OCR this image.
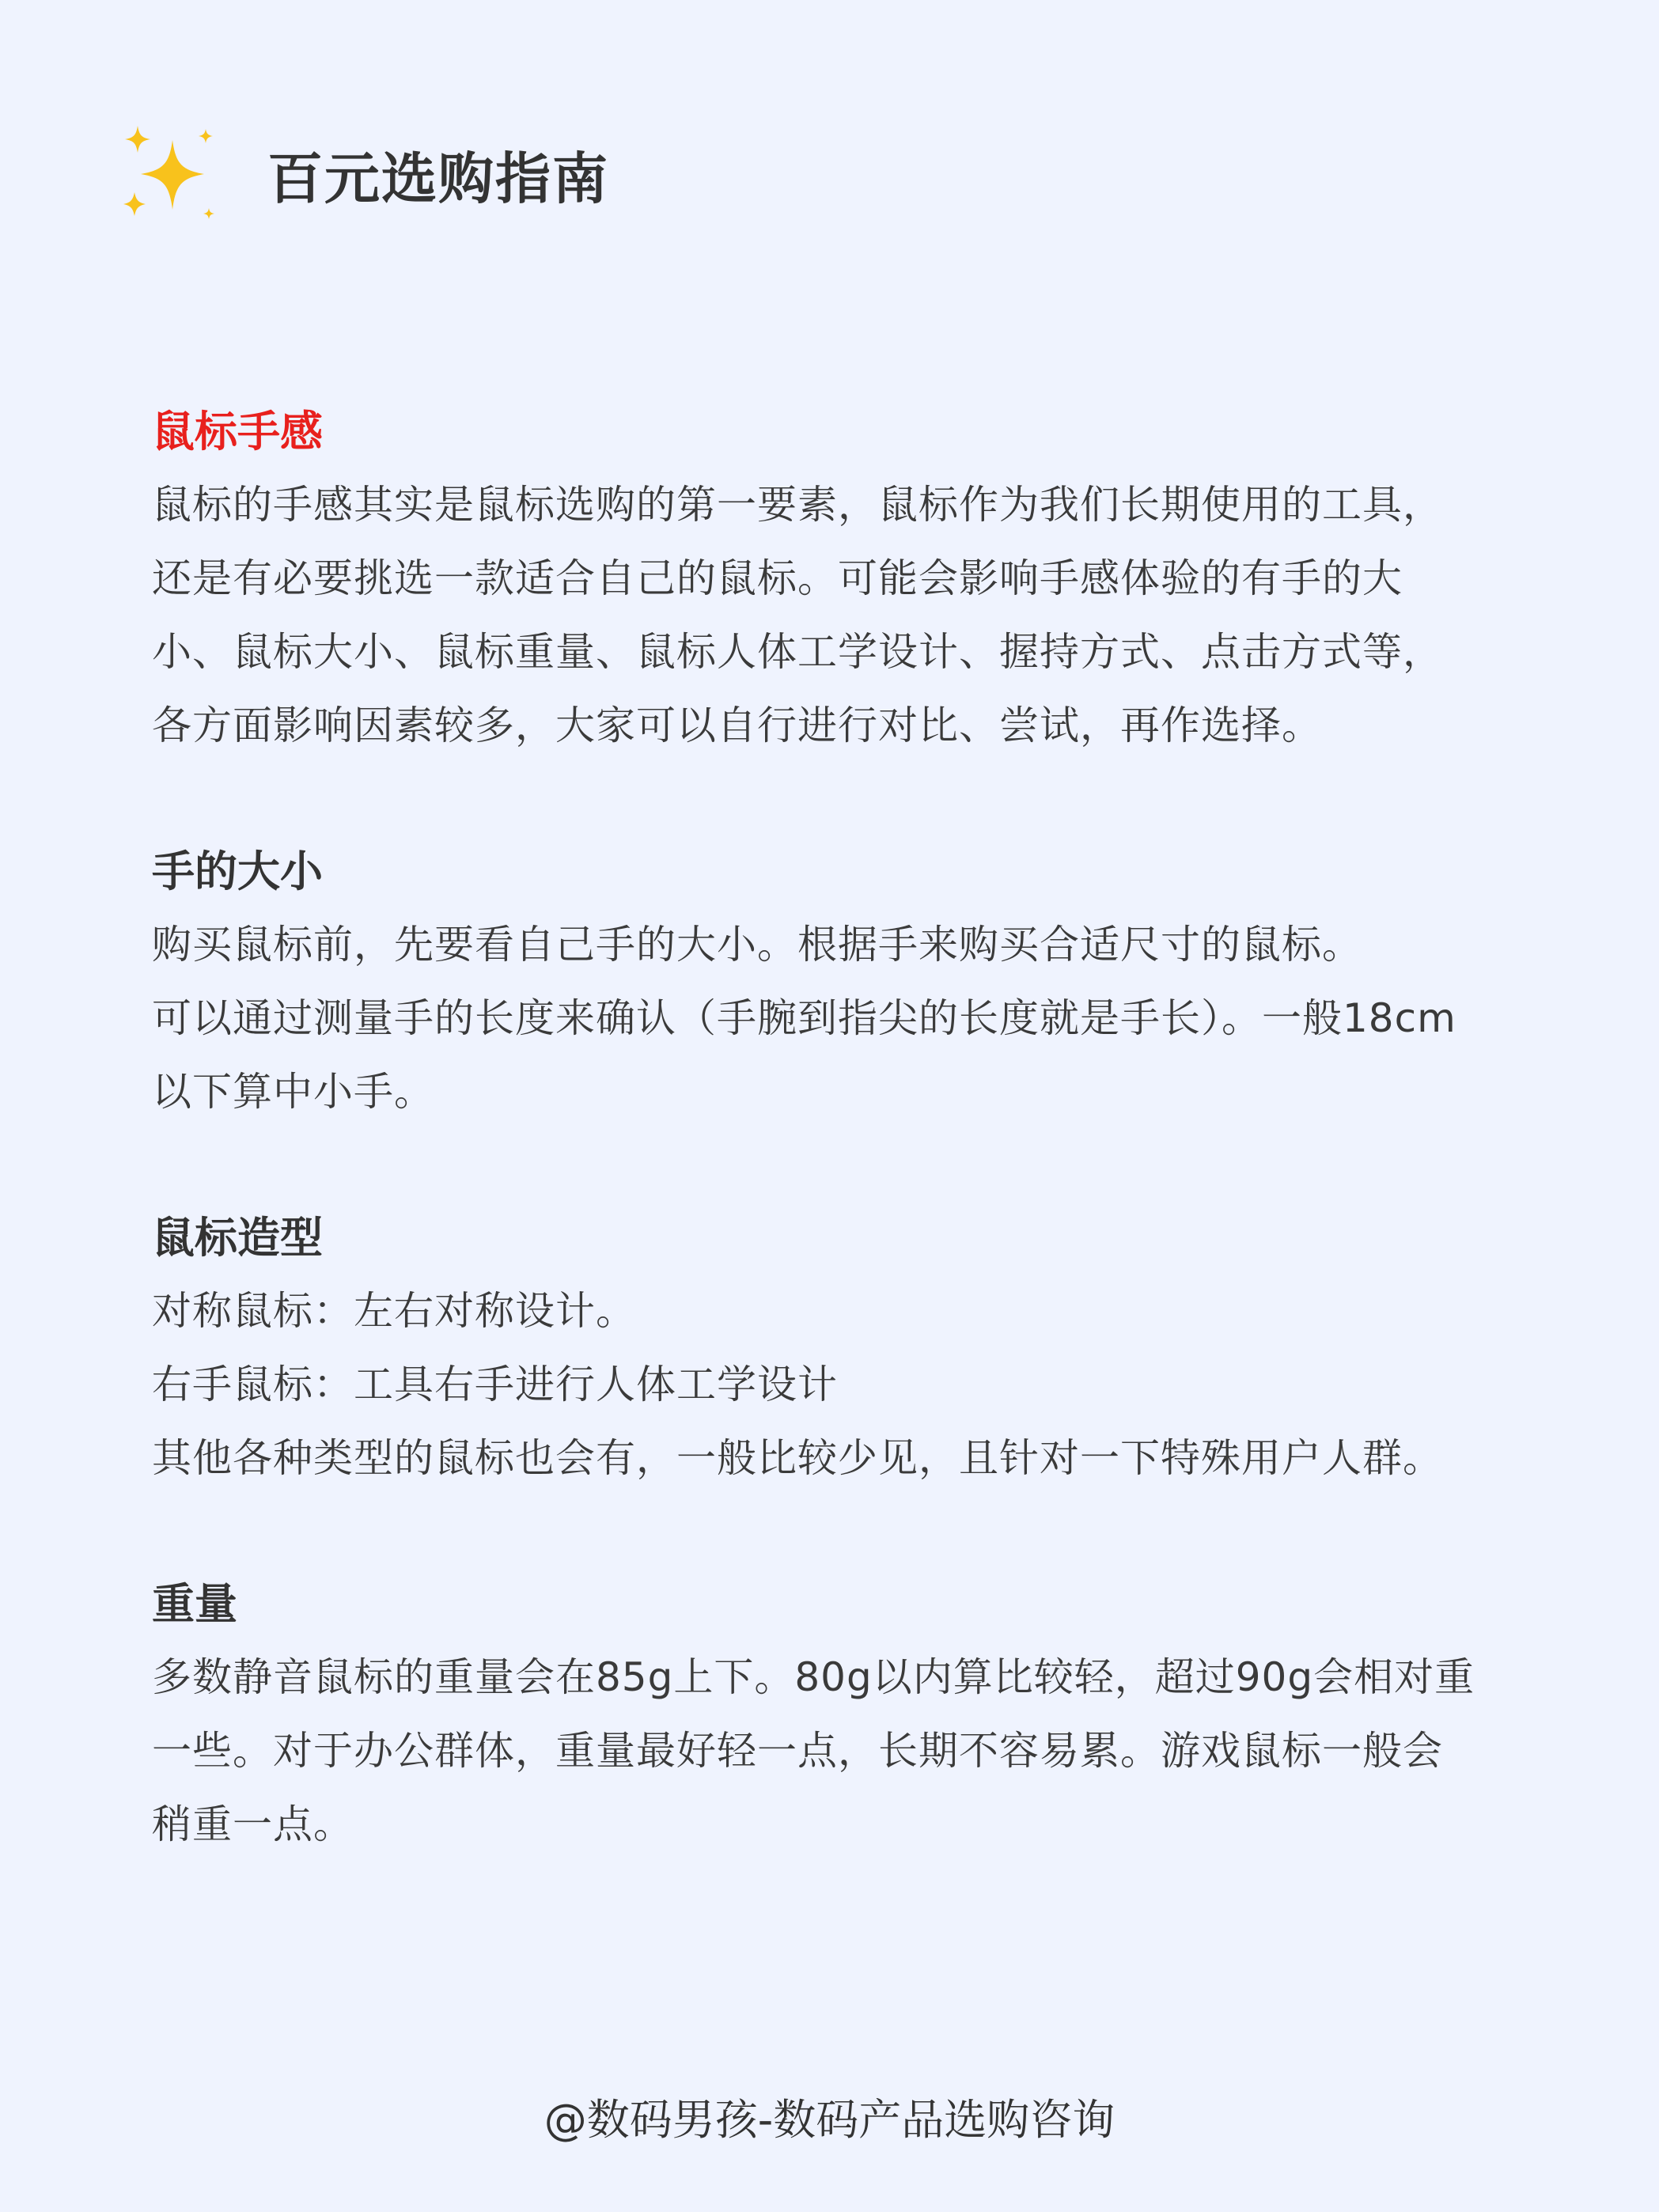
百元选购指南
鼠标手感
鼠标的手感其实是鼠标选购的第一要素，鼠标作为我们长期使用的工具，
还是有必要挑选一款适合自己的鼠标。可能会影响手感体验的有手的大
小、鼠标大小、鼠标重量、鼠标人体工学设计、握持方式、点击方式等，
各方面影响因素较多，大家可以自行进行对比、尝试，再作选择。
手的大小
购买鼠标前，先要看自己手的大小。根据手来购买合适尺寸的鼠标。
可以通过测量手的长度来确认（手腕到指尖的长度就是手长）。一般18cm
以下算中小手。
鼠标造型
对称鼠标：左右对称设计。
右手鼠标：工具右手进行人体工学设计
其他各种类型的鼠标也会有，一般比较少见，且针对一下特殊用户人群。
重量
多数静音鼠标的重量会在85g上下。80g以内算比较轻，超过90g会相对重
一些。对于办公群体，重量最好轻一点，长期不容易累。游戏鼠标一般会
稍重一点。
@数码男孩-数码产品选购咨询
